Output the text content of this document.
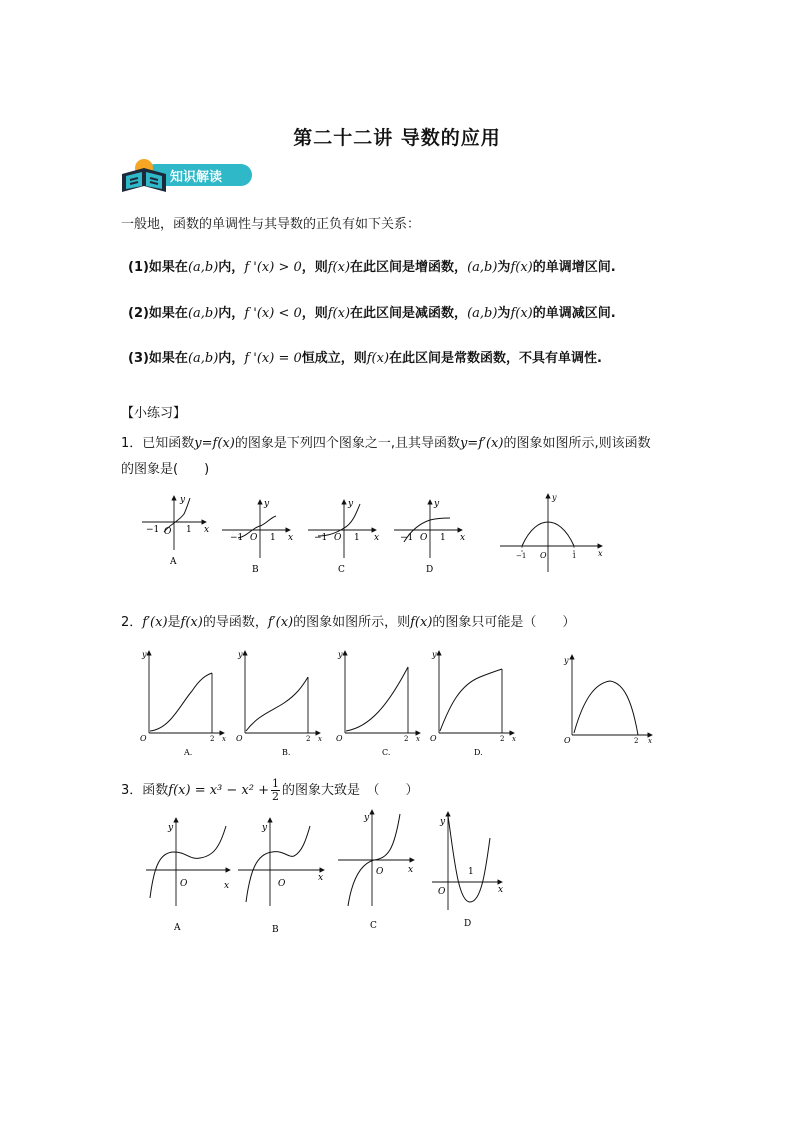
第二十二讲 导数的应用
知识解读
一般地，函数的单调性与其导数的正负有如下关系：
(1)如果在(a,b)内，f '(x) > 0，则f(x)在此区间是增函数，(a,b)为f(x)的单调增区间.
(2)如果在(a,b)内，f '(x) < 0，则f(x)在此区间是减函数，(a,b)为f(x)的单调减区间.
(3)如果在(a,b)内，f '(x) = 0恒成立，则f(x)在此区间是常数函数，不具有单调性.
【小练习】
1．已知函数y=f(x)的图象是下列四个图象之一,且其导函数y=f′(x)的图象如图所示,则该函数
的图象是(　　)
y
x
−1 O 1
A
y
x
−1 O 1
B
y
x
−1 O 1
C
y
x
−1 O 1
D
y
x
−1 O	1
2．f′(x)是f(x)的导函数，f′(x)的图象如图所示，则f(x)的图象只可能是（　　）
y
O	2 x
A.
y
O	2 x
B.
y
O	2 x
C.
y
O	2 x
D.
y
O	2 x
3．函数$f(x) = x^3 - x^2 + \frac{1}{2}$ 的图象大致是　（　　）
y
O	x
A
y
O
x
B
y
O	x
C
y
O
1
x
D
